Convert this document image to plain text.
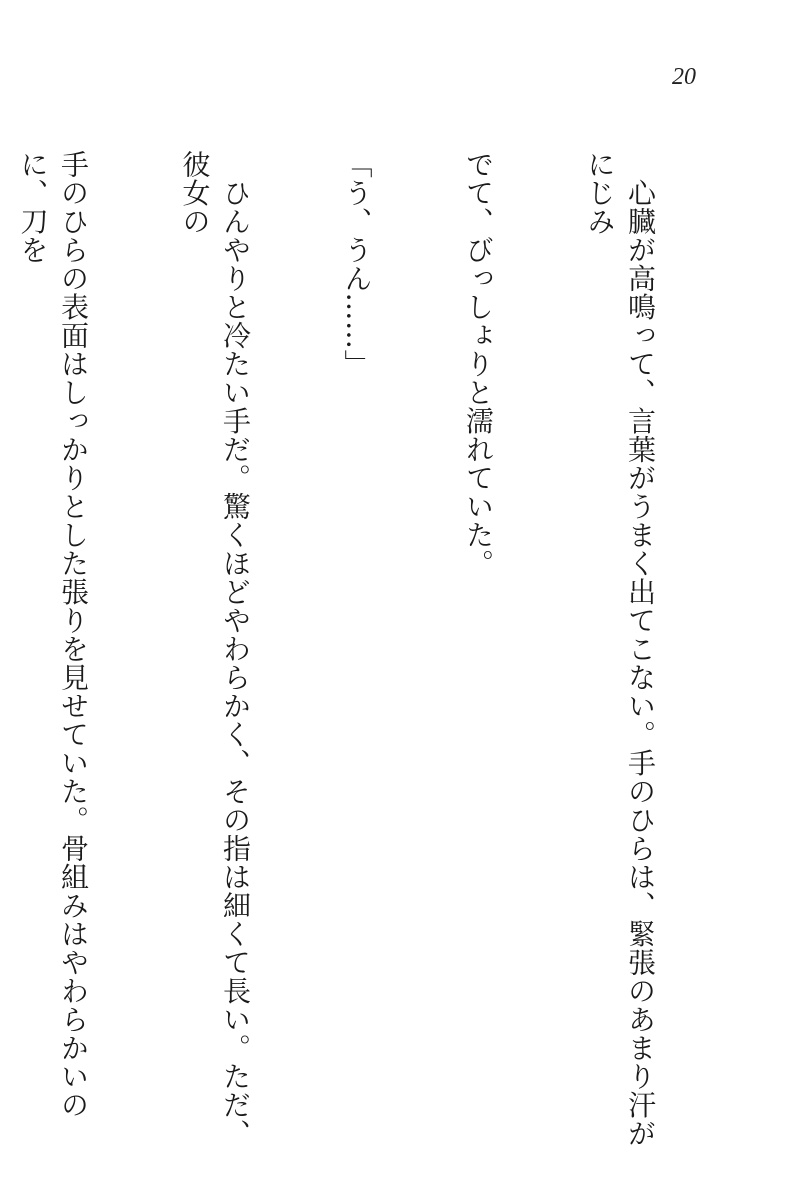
20

　心臓が高鳴って、言葉がうまく出てこない。手のひらは、緊張のあまり汗がにじみ

でて、びっしょりと濡れていた。

「う、うん……」

　ひんやりと冷たい手だ。驚くほどやわらかく、その指は細くて長い。ただ、彼女の

手のひらの表面はしっかりとした張りを見せていた。骨組みはやわらかいのに、刀を
